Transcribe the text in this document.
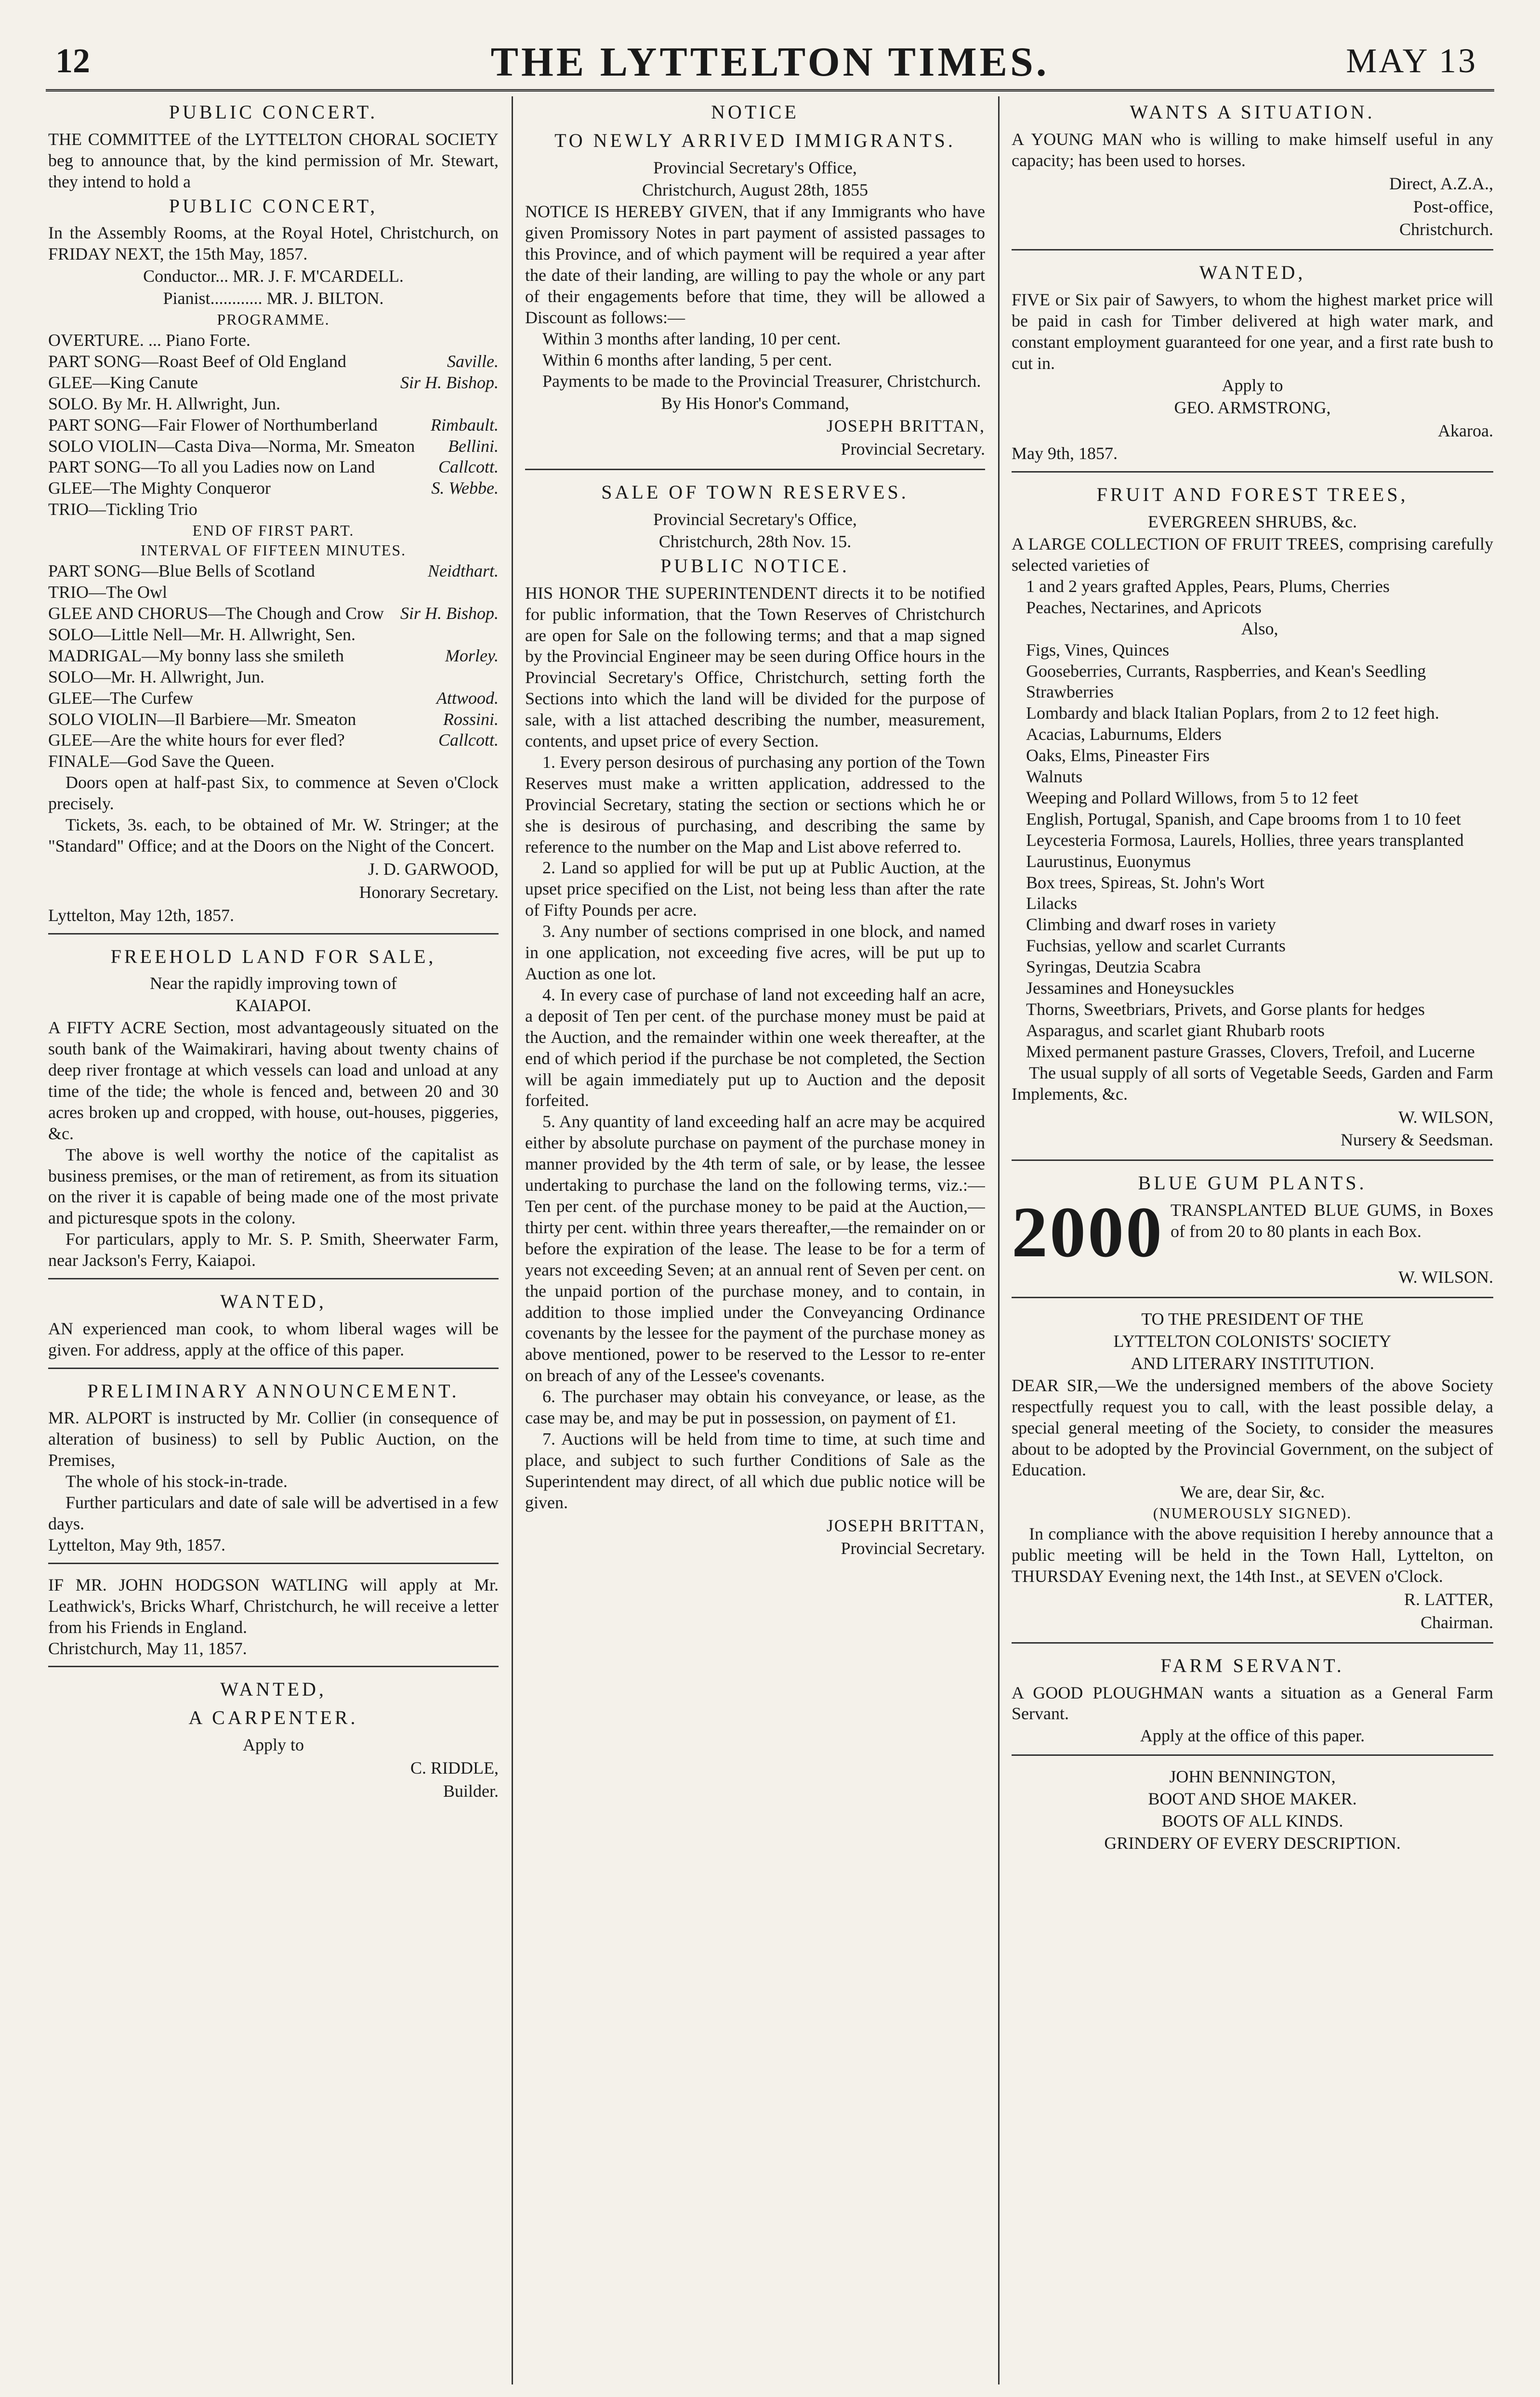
12	THE LYTTELTON TIMES.	MAY 13
PUBLIC CONCERT.

THE COMMITTEE of the LYTTELTON CHORAL SOCIETY beg to announce that, by the kind permission of Mr. Stewart, they intend to hold a

PUBLIC CONCERT,

In the Assembly Rooms, at the Royal Hotel, Christchurch, on FRIDAY NEXT, the 15th May, 1857.

Conductor... MR. J. F. M'CARDELL.
Pianist............ MR. J. BILTON.
PROGRAMME.
OVERTURE. ... Piano Forte.
PART SONG—Roast Beef of Old England	Saville.
GLEE—King Canute	Sir H. Bishop.
SOLO. By Mr. H. Allwright, Jun.
PART SONG—Fair Flower of Northumberland	Rimbault.
SOLO VIOLIN—Casta Diva—Norma, Mr. Smeaton Bellini.
PART SONG—To all you Ladies now on Land	Callcott.
GLEE—The Mighty Conqueror	S. Webbe.
TRIO—Tickling Trio
END OF FIRST PART.
INTERVAL OF FIFTEEN MINUTES.
PART SONG—Blue Bells of Scotland	Neidthart.
TRIO—The Owl
GLEE AND CHORUS—The Chough and Crow Sir H. Bishop.
SOLO—Little Nell—Mr. H. Allwright, Sen.
MADRIGAL—My bonny lass she smileth	Morley.
SOLO—Mr. H. Allwright, Jun.
GLEE—The Curfew	Attwood.
SOLO VIOLIN—Il Barbiere—Mr. Smeaton	Rossini.
GLEE—Are the white hours for ever fled?	Callcott.
FINALE—God Save the Queen.

Doors open at half-past Six, to commence at Seven o'Clock precisely.

Tickets, 3s. each, to be obtained of Mr. W. Stringer; at the "Standard" Office; and at the Doors on the Night of the Concert.

J. D. GARWOOD,
Honorary Secretary.
Lyttelton, May 12th, 1857.
FREEHOLD LAND FOR SALE,
Near the rapidly improving town of
KAIAPOI.

A FIFTY ACRE Section, most advantageously situated on the south bank of the Waimakirari, having about twenty chains of deep river frontage at which vessels can load and unload at any time of the tide; the whole is fenced and, between 20 and 30 acres broken up and cropped, with house, out-houses, piggeries, &c.

The above is well worthy the notice of the capitalist as business premises, or the man of retirement, as from its situation on the river it is capable of being made one of the most private and picturesque spots in the colony.

For particulars, apply to Mr. S. P. Smith, Sheerwater Farm, near Jackson's Ferry, Kaiapoi.

WANTED,

AN experienced man cook, to whom liberal wages will be given. For address, apply at the office of this paper.

PRELIMINARY ANNOUNCEMENT.

MR. ALPORT is instructed by Mr. Collier (in consequence of alteration of business) to sell by Public Auction, on the Premises,

The whole of his stock-in-trade.

Further particulars and date of sale will be advertised in a few days.

Lyttelton, May 9th, 1857.

IF MR. JOHN HODGSON WATLING will apply at Mr. Leathwick's, Bricks Wharf, Christchurch, he will receive a letter from his Friends in England.

Christchurch, May 11, 1857.
WANTED,
A CARPENTER.
Apply to
C. RIDDLE,
Builder.
NOTICE
TO NEWLY ARRIVED IMMIGRANTS.
Provincial Secretary's Office,
Christchurch, August 28th, 1855

NOTICE IS HEREBY GIVEN, that if any Immigrants who have given Promissory Notes in part payment of assisted passages to this Province, and of which payment will be required a year after the date of their landing, are willing to pay the whole or any part of their engagements before that time, they will be allowed a Discount as follows:—

Within 3 months after landing, 10 per cent.

Within 6 months after landing, 5 per cent.

Payments to be made to the Provincial Treasurer, Christchurch.

By His Honor's Command,
JOSEPH BRITTAN,
Provincial Secretary.
SALE OF TOWN RESERVES.
Provincial Secretary's Office,
Christchurch, 28th Nov. 15.
PUBLIC NOTICE.

HIS HONOR THE SUPERINTENDENT directs it to be notified for public information, that the Town Reserves of Christchurch are open for Sale on the following terms; and that a map signed by the Provincial Engineer may be seen during Office hours in the Provincial Secretary's Office, Christchurch, setting forth the Sections into which the land will be divided for the purpose of sale, with a list attached describing the number, measurement, contents, and upset price of every Section.

1. Every person desirous of purchasing any portion of the Town Reserves must make a written application, addressed to the Provincial Secretary, stating the section or sections which he or she is desirous of purchasing, and describing the same by reference to the number on the Map and List above referred to.

2. Land so applied for will be put up at Public Auction, at the upset price specified on the List, not being less than after the rate of Fifty Pounds per acre.

3. Any number of sections comprised in one block, and named in one application, not exceeding five acres, will be put up to Auction as one lot.

4. In every case of purchase of land not exceeding half an acre, a deposit of Ten per cent. of the purchase money must be paid at the Auction, and the remainder within one week thereafter, at the end of which period if the purchase be not completed, the Section will be again immediately put up to Auction and the deposit forfeited.

5. Any quantity of land exceeding half an acre may be acquired either by absolute purchase on payment of the purchase money in manner provided by the 4th term of sale, or by lease, the lessee undertaking to purchase the land on the following terms, viz.:—Ten per cent. of the purchase money to be paid at the Auction,—thirty per cent. within three years thereafter,—the remainder on or before the expiration of the lease. The lease to be for a term of years not exceeding Seven; at an annual rent of Seven per cent. on the unpaid portion of the purchase money, and to contain, in addition to those implied under the Conveyancing Ordinance covenants by the lessee for the payment of the purchase money as above mentioned, power to be reserved to the Lessor to re-enter on breach of any of the Lessee's covenants.

6. The purchaser may obtain his conveyance, or lease, as the case may be, and may be put in possession, on payment of £1.

7. Auctions will be held from time to time, at such time and place, and subject to such further Conditions of Sale as the Superintendent may direct, of all which due public notice will be given.

JOSEPH BRITTAN,
Provincial Secretary.
WANTS A SITUATION.

A YOUNG MAN who is willing to make himself useful in any capacity; has been used to horses.

Direct, A.Z.A.,
Post-office,
Christchurch.
WANTED,

FIVE or Six pair of Sawyers, to whom the highest market price will be paid in cash for Timber delivered at high water mark, and constant employment guaranteed for one year, and a first rate bush to cut in.

Apply to
GEO. ARMSTRONG,
Akaroa.
May 9th, 1857.
FRUIT AND FOREST TREES,
EVERGREEN SHRUBS, &c.

A LARGE COLLECTION OF FRUIT TREES, comprising carefully selected varieties of

1 and 2 years grafted Apples, Pears, Plums, Cherries
Peaches, Nectarines, and Apricots
Also,
Figs, Vines, Quinces
Gooseberries, Currants, Raspberries, and Kean's Seedling Strawberries
Lombardy and black Italian Poplars, from 2 to 12 feet high.
Acacias, Laburnums, Elders
Oaks, Elms, Pineaster Firs
Walnuts
Weeping and Pollard Willows, from 5 to 12 feet
English, Portugal, Spanish, and Cape brooms from 1 to 10 feet
Leycesteria Formosa, Laurels, Hollies, three years transplanted
Laurustinus, Euonymus
Box trees, Spireas, St. John's Wort
Lilacks
Climbing and dwarf roses in variety
Fuchsias, yellow and scarlet Currants
Syringas, Deutzia Scabra
Jessamines and Honeysuckles
Thorns, Sweetbriars, Privets, and Gorse plants for hedges
Asparagus, and scarlet giant Rhubarb roots
Mixed permanent pasture Grasses, Clovers, Trefoil, and Lucerne

The usual supply of all sorts of Vegetable Seeds, Garden and Farm Implements, &c.

W. WILSON,
Nursery & Seedsman.
BLUE GUM PLANTS.
2000 TRANSPLANTED BLUE GUMS, in Boxes of from 20 to 80 plants in each Box.

W. WILSON.
TO THE PRESIDENT OF THE
LYTTELTON COLONISTS' SOCIETY
AND LITERARY INSTITUTION.

DEAR SIR,—We the undersigned members of the above Society respectfully request you to call, with the least possible delay, a special general meeting of the Society, to consider the measures about to be adopted by the Provincial Government, on the subject of Education.

We are, dear Sir, &c.
(NUMEROUSLY SIGNED).

In compliance with the above requisition I hereby announce that a public meeting will be held in the Town Hall, Lyttelton, on THURSDAY Evening next, the 14th Inst., at SEVEN o'Clock.

R. LATTER,
Chairman.
FARM SERVANT.

A GOOD PLOUGHMAN wants a situation as a General Farm Servant.

Apply at the office of this paper.
JOHN BENNINGTON,
BOOT AND SHOE MAKER.
BOOTS OF ALL KINDS.
GRINDERY OF EVERY DESCRIPTION.
